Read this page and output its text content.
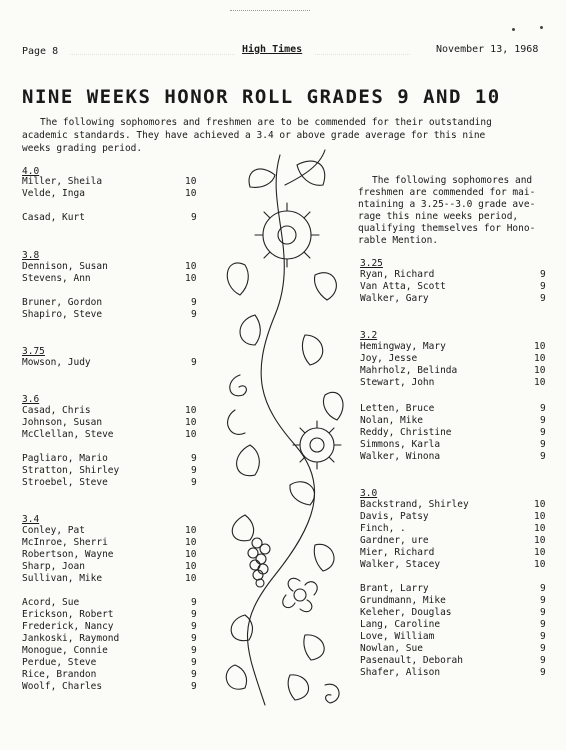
Page 8	High Times	November 13, 1968
NINE WEEKS HONOR ROLL GRADES 9 AND 10
The following sophomores and freshmen are to be commended for their outstanding
academic standards. They have achieved a 3.4 or above grade average for this nine
weeks grading period.
The following sophomores and
freshmen are commended for mai-
ntaining a 3.25--3.0 grade ave-
rage this nine weeks period,
qualifying themselves for Hono-
rable Mention.
4.0
Miller, Sheila	10
Velde, Inga	10
Casad, Kurt	9
3.8
Dennison, Susan	10
Stevens, Ann	10
Bruner, Gordon	9
Shapiro, Steve	9
3.75
Mowson, Judy	9
3.6
Casad, Chris	10
Johnson, Susan	10
McClellan, Steve	10
Pagliaro, Mario	9
Stratton, Shirley	9
Stroebel, Steve	9
3.4
Conley, Pat	10
McInroe, Sherri	10
Robertson, Wayne	10
Sharp, Joan	10
Sullivan, Mike	10
Acord, Sue	9
Erickson, Robert	9
Frederick, Nancy	9
Jankoski, Raymond	9
Monogue, Connie	9
Perdue, Steve	9
Rice, Brandon	9
Woolf, Charles	9
3.25
Ryan, Richard	9
Van Atta, Scott	9
Walker, Gary	9
3.2
Hemingway, Mary	10
Joy, Jesse	10
Mahrholz, Belinda	10
Stewart, John	10
Letten, Bruce	9
Nolan, Mike	9
Reddy, Christine	9
Simmons, Karla	9
Walker, Winona	9
3.0
Backstrand, Shirley	10
Davis, Patsy	10
Finch, .	10
Gardner, ure	10
Mier, Richard	10
Walker, Stacey	10
Brant, Larry	9
Grundmann, Mike	9
Keleher, Douglas	9
Lang, Caroline	9
Love, William	9
Nowlan, Sue	9
Pasenault, Deborah	9
Shafer, Alison	9
